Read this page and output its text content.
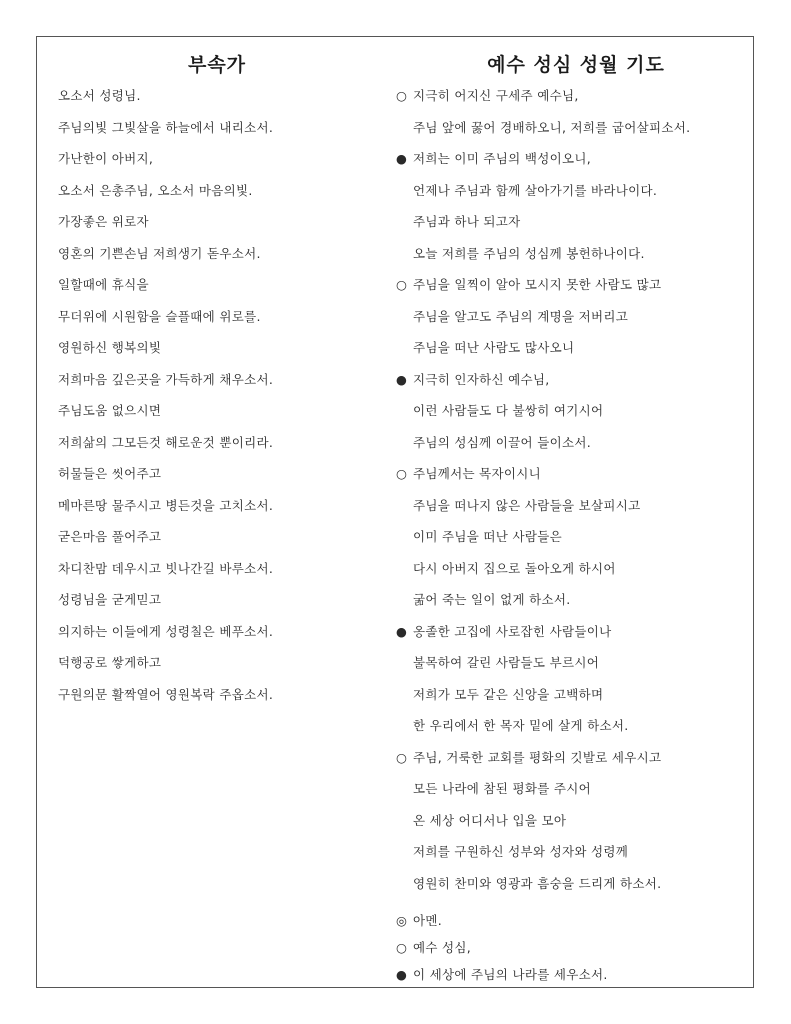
부속가	예수 성심 성월 기도
오소서 성령님.
주님의빛 그빛살을 하늘에서 내리소서.
가난한이 아버지,
오소서 은총주님, 오소서 마음의빛.
가장좋은 위로자
영혼의 기쁜손님 저희생기 돋우소서.
일할때에 휴식을
무더위에 시원함을 슬플때에 위로를.
영원하신 행복의빛
저희마음 깊은곳을 가득하게 채우소서.
주님도움 없으시면
저희삶의 그모든것 해로운것 뿐이리라.
허물들은 씻어주고
메마른땅 물주시고 병든것을 고치소서.
굳은마음 풀어주고
차디찬맘 데우시고 빗나간길 바루소서.
성령님을 굳게믿고
의지하는 이들에게 성령칠은 베푸소서.
덕행공로 쌓게하고
구원의문 활짝열어 영원복락 주옵소서.
○ 지극히 어지신 구세주 예수님,
주님 앞에 꿇어 경배하오니, 저희를 굽어살피소서.
● 저희는 이미 주님의 백성이오니,
언제나 주님과 함께 살아가기를 바라나이다.
주님과 하나 되고자
오늘 저희를 주님의 성심께 봉헌하나이다.
○ 주님을 일찍이 알아 모시지 못한 사람도 많고
주님을 알고도 주님의 계명을 저버리고
주님을 떠난 사람도 많사오니
● 지극히 인자하신 예수님,
이런 사람들도 다 불쌍히 여기시어
주님의 성심께 이끌어 들이소서.
○ 주님께서는 목자이시니
주님을 떠나지 않은 사람들을 보살피시고
이미 주님을 떠난 사람들은
다시 아버지 집으로 돌아오게 하시어
굶어 죽는 일이 없게 하소서.
● 옹졸한 고집에 사로잡힌 사람들이나
불목하여 갈린 사람들도 부르시어
저희가 모두 같은 신앙을 고백하며
한 우리에서 한 목자 밑에 살게 하소서.
○ 주님, 거룩한 교회를 평화의 깃발로 세우시고
모든 나라에 참된 평화를 주시어
온 세상 어디서나 입을 모아
저희를 구원하신 성부와 성자와 성령께
영원히 찬미와 영광과 흠숭을 드리게 하소서.
◎ 아멘.
○ 예수 성심,
● 이 세상에 주님의 나라를 세우소서.
